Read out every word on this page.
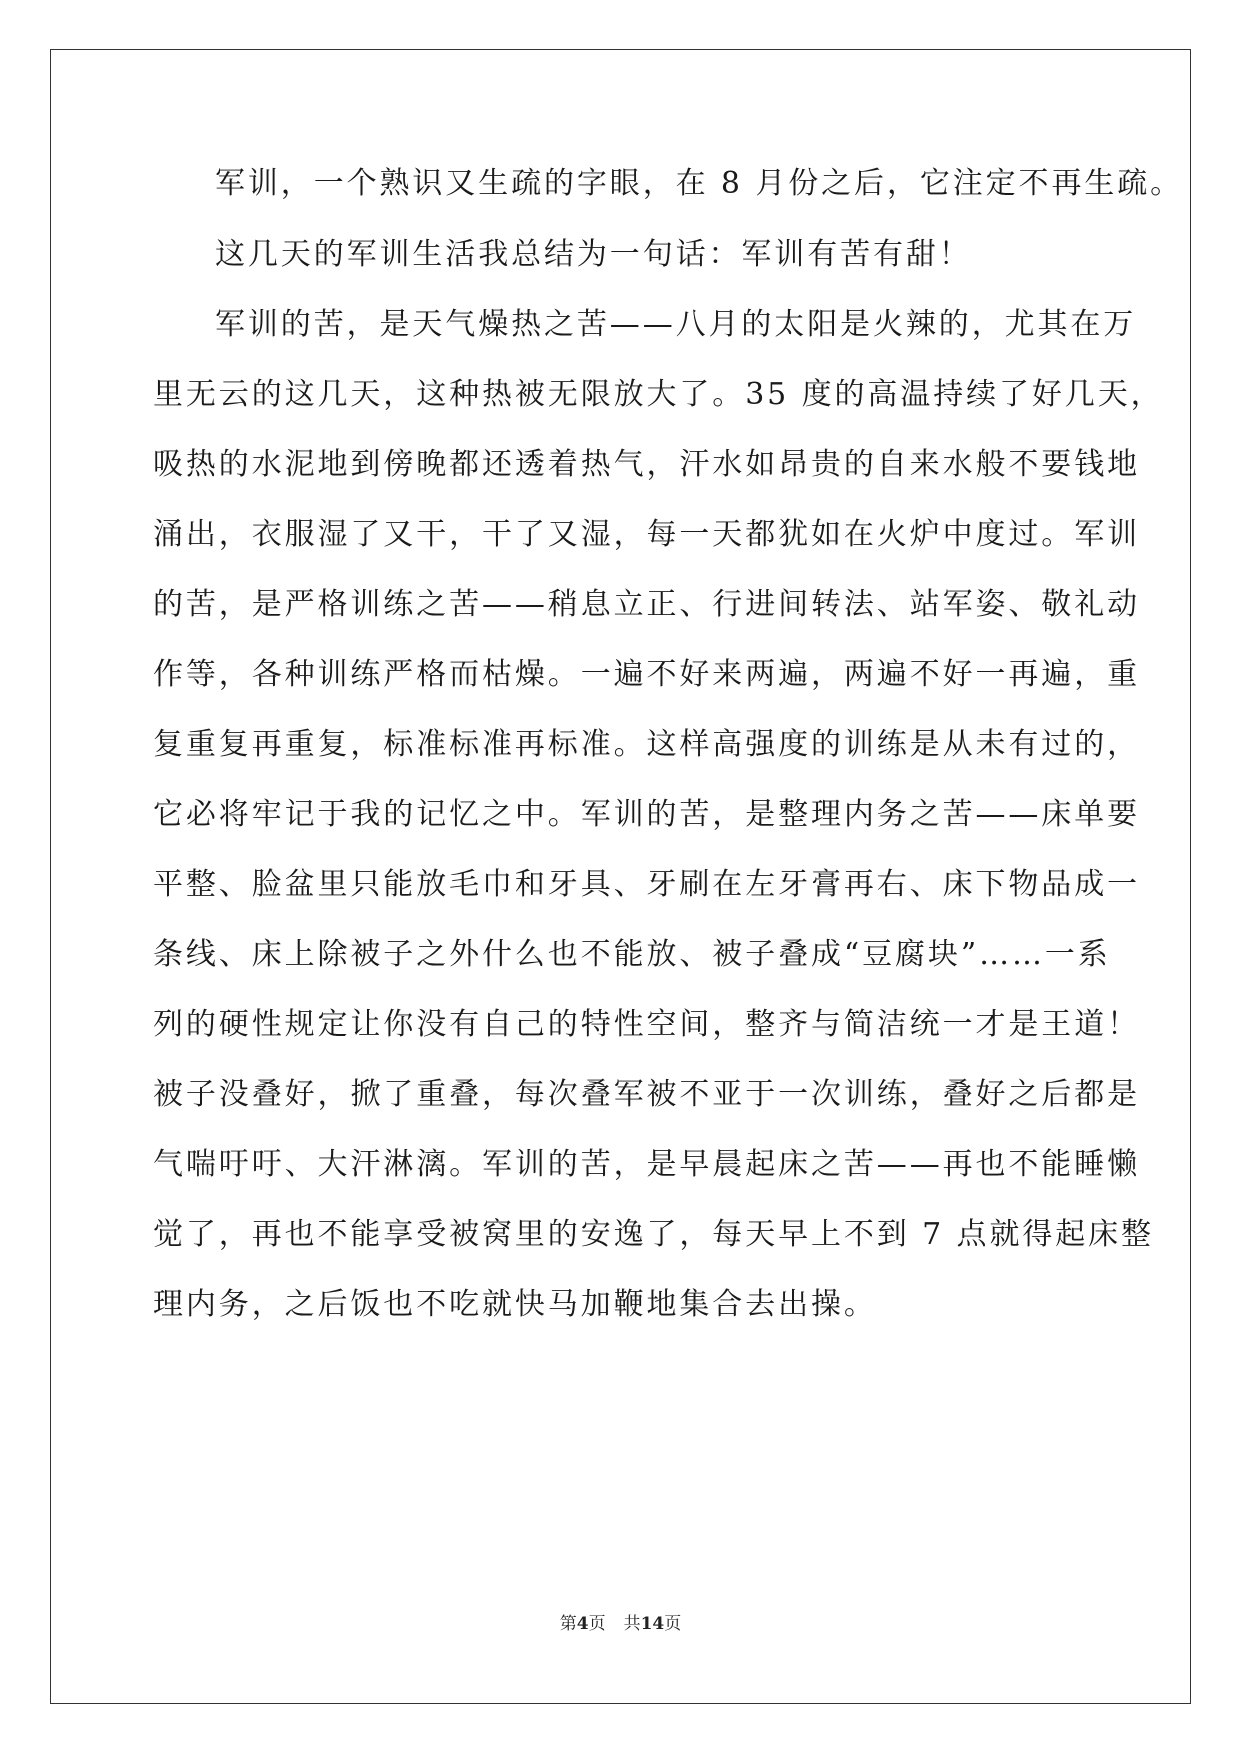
军训，一个熟识又生疏的字眼，在 8 月份之后，它注定不再生疏。
这几天的军训生活我总结为一句话：军训有苦有甜！
军训的苦，是天气燥热之苦——八月的太阳是火辣的，尤其在万
里无云的这几天，这种热被无限放大了。35 度的高温持续了好几天，
吸热的水泥地到傍晚都还透着热气，汗水如昂贵的自来水般不要钱地
涌出，衣服湿了又干，干了又湿，每一天都犹如在火炉中度过。军训
的苦，是严格训练之苦——稍息立正、行进间转法、站军姿、敬礼动
作等，各种训练严格而枯燥。一遍不好来两遍，两遍不好一再遍，重
复重复再重复，标准标准再标准。这样高强度的训练是从未有过的，
它必将牢记于我的记忆之中。军训的苦，是整理内务之苦——床单要
平整、脸盆里只能放毛巾和牙具、牙刷在左牙膏再右、床下物品成一
条线、床上除被子之外什么也不能放、被子叠成“豆腐块”……一系
列的硬性规定让你没有自己的特性空间，整齐与简洁统一才是王道！
被子没叠好，掀了重叠，每次叠军被不亚于一次训练，叠好之后都是
气喘吁吁、大汗淋漓。军训的苦，是早晨起床之苦——再也不能睡懒
觉了，再也不能享受被窝里的安逸了，每天早上不到 7 点就得起床整
理内务，之后饭也不吃就快马加鞭地集合去出操。
第4页 共14页
